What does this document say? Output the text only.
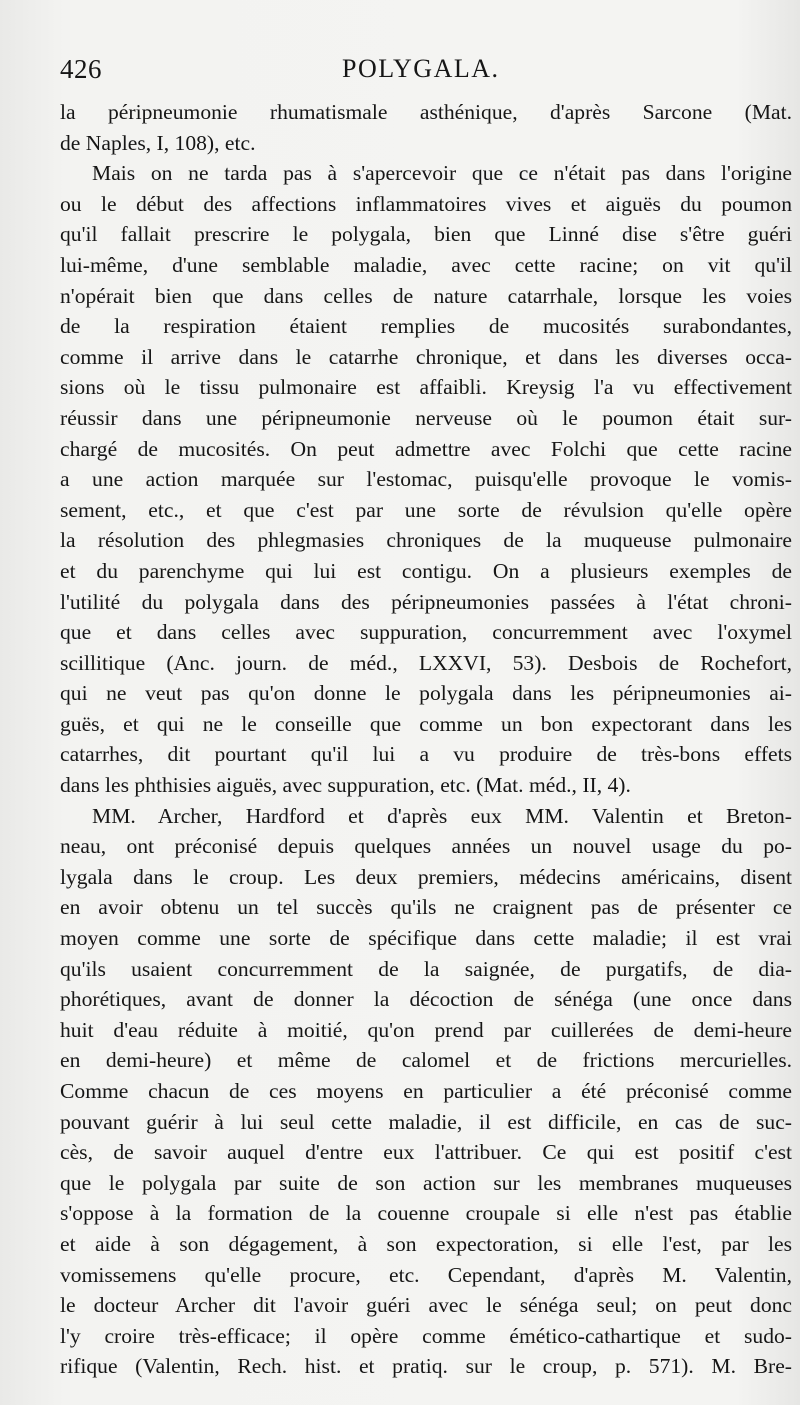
426	POLYGALA.
la péripneumonie rhumatismale asthénique, d'après Sarcone (Mat.
de Naples, I, 108), etc.
Mais on ne tarda pas à s'apercevoir que ce n'était pas dans l'origine
ou le début des affections inflammatoires vives et aiguës du poumon
qu'il fallait prescrire le polygala, bien que Linné dise s'être guéri
lui-même, d'une semblable maladie, avec cette racine; on vit qu'il
n'opérait bien que dans celles de nature catarrhale, lorsque les voies
de la respiration étaient remplies de mucosités surabondantes,
comme il arrive dans le catarrhe chronique, et dans les diverses occa-
sions où le tissu pulmonaire est affaibli. Kreysig l'a vu effectivement
réussir dans une péripneumonie nerveuse où le poumon était sur-
chargé de mucosités. On peut admettre avec Folchi que cette racine
a une action marquée sur l'estomac, puisqu'elle provoque le vomis-
sement, etc., et que c'est par une sorte de révulsion qu'elle opère
la résolution des phlegmasies chroniques de la muqueuse pulmonaire
et du parenchyme qui lui est contigu. On a plusieurs exemples de
l'utilité du polygala dans des péripneumonies passées à l'état chroni-
que et dans celles avec suppuration, concurremment avec l'oxymel
scillitique (Anc. journ. de méd., LXXVI, 53). Desbois de Rochefort,
qui ne veut pas qu'on donne le polygala dans les péripneumonies ai-
guës, et qui ne le conseille que comme un bon expectorant dans les
catarrhes, dit pourtant qu'il lui a vu produire de très-bons effets
dans les phthisies aiguës, avec suppuration, etc. (Mat. méd., II, 4).
MM. Archer, Hardford et d'après eux MM. Valentin et Breton-
neau, ont préconisé depuis quelques années un nouvel usage du po-
lygala dans le croup. Les deux premiers, médecins américains, disent
en avoir obtenu un tel succès qu'ils ne craignent pas de présenter ce
moyen comme une sorte de spécifique dans cette maladie; il est vrai
qu'ils usaient concurremment de la saignée, de purgatifs, de dia-
phorétiques, avant de donner la décoction de sénéga (une once dans
huit d'eau réduite à moitié, qu'on prend par cuillerées de demi-heure
en demi-heure) et même de calomel et de frictions mercurielles.
Comme chacun de ces moyens en particulier a été préconisé comme
pouvant guérir à lui seul cette maladie, il est difficile, en cas de suc-
cès, de savoir auquel d'entre eux l'attribuer. Ce qui est positif c'est
que le polygala par suite de son action sur les membranes muqueuses
s'oppose à la formation de la couenne croupale si elle n'est pas établie
et aide à son dégagement, à son expectoration, si elle l'est, par les
vomissemens qu'elle procure, etc. Cependant, d'après M. Valentin,
le docteur Archer dit l'avoir guéri avec le sénéga seul; on peut donc
l'y croire très-efficace; il opère comme émético-cathartique et sudo-
rifique (Valentin, Rech. hist. et pratiq. sur le croup, p. 571). M. Bre-
